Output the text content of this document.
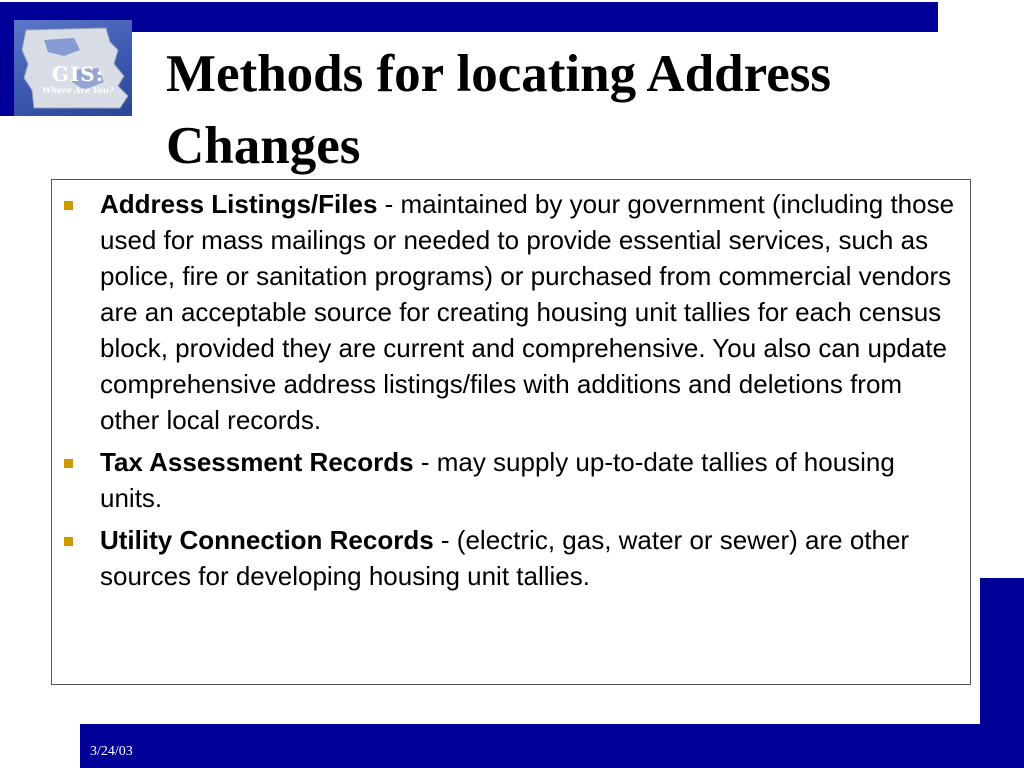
GIS:
Where Are You? Methods for locating Address Changes
Address Listings/Files - maintained by your government (including those used for mass mailings or needed to provide essential services, such as police, fire or sanitation programs) or purchased from commercial vendors are an acceptable source for creating housing unit tallies for each census block, provided they are current and comprehensive. You also can update comprehensive address listings/files with additions and deletions from other local records.
Tax Assessment Records - may supply up-to-date tallies of housing units.
Utility Connection Records - (electric, gas, water or sewer) are other sources for developing housing unit tallies.
3/24/03
